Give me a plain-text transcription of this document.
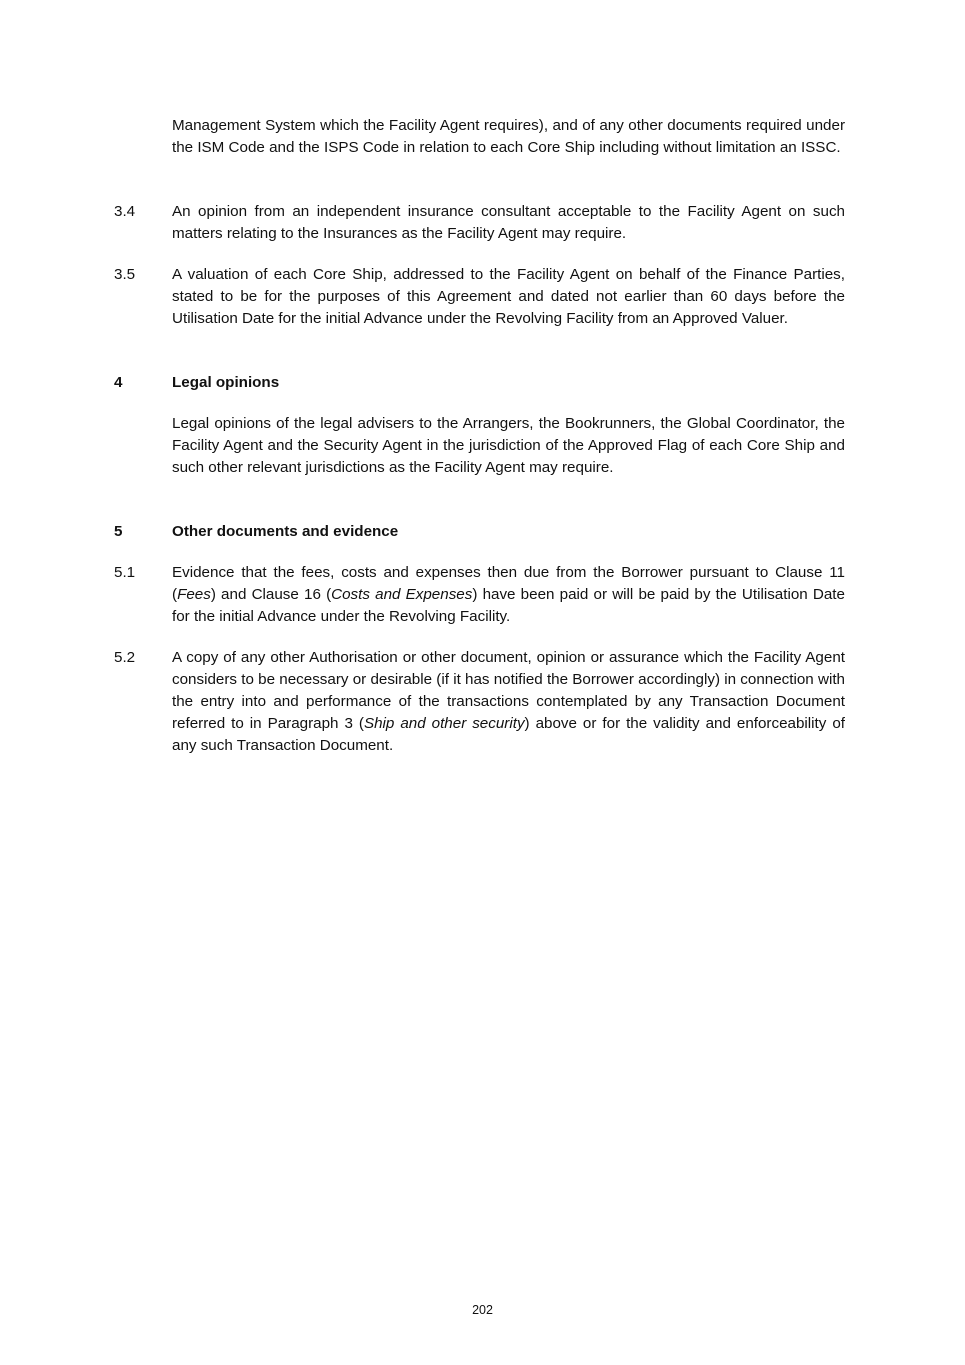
Management System which the Facility Agent requires), and of any other documents required under the ISM Code and the ISPS Code in relation to each Core Ship including without limitation an ISSC.
3.4	An opinion from an independent insurance consultant acceptable to the Facility Agent on such matters relating to the Insurances as the Facility Agent may require.
3.5	A valuation of each Core Ship, addressed to the Facility Agent on behalf of the Finance Parties, stated to be for the purposes of this Agreement and dated not earlier than 60 days before the Utilisation Date for the initial Advance under the Revolving Facility from an Approved Valuer.
4	Legal opinions
Legal opinions of the legal advisers to the Arrangers, the Bookrunners, the Global Coordinator, the Facility Agent and the Security Agent in the jurisdiction of the Approved Flag of each Core Ship and such other relevant jurisdictions as the Facility Agent may require.
5	Other documents and evidence
5.1	Evidence that the fees, costs and expenses then due from the Borrower pursuant to Clause 11 (Fees) and Clause 16 (Costs and Expenses) have been paid or will be paid by the Utilisation Date for the initial Advance under the Revolving Facility.
5.2	A copy of any other Authorisation or other document, opinion or assurance which the Facility Agent considers to be necessary or desirable (if it has notified the Borrower accordingly) in connection with the entry into and performance of the transactions contemplated by any Transaction Document referred to in Paragraph 3 (Ship and other security) above or for the validity and enforceability of any such Transaction Document.
202
